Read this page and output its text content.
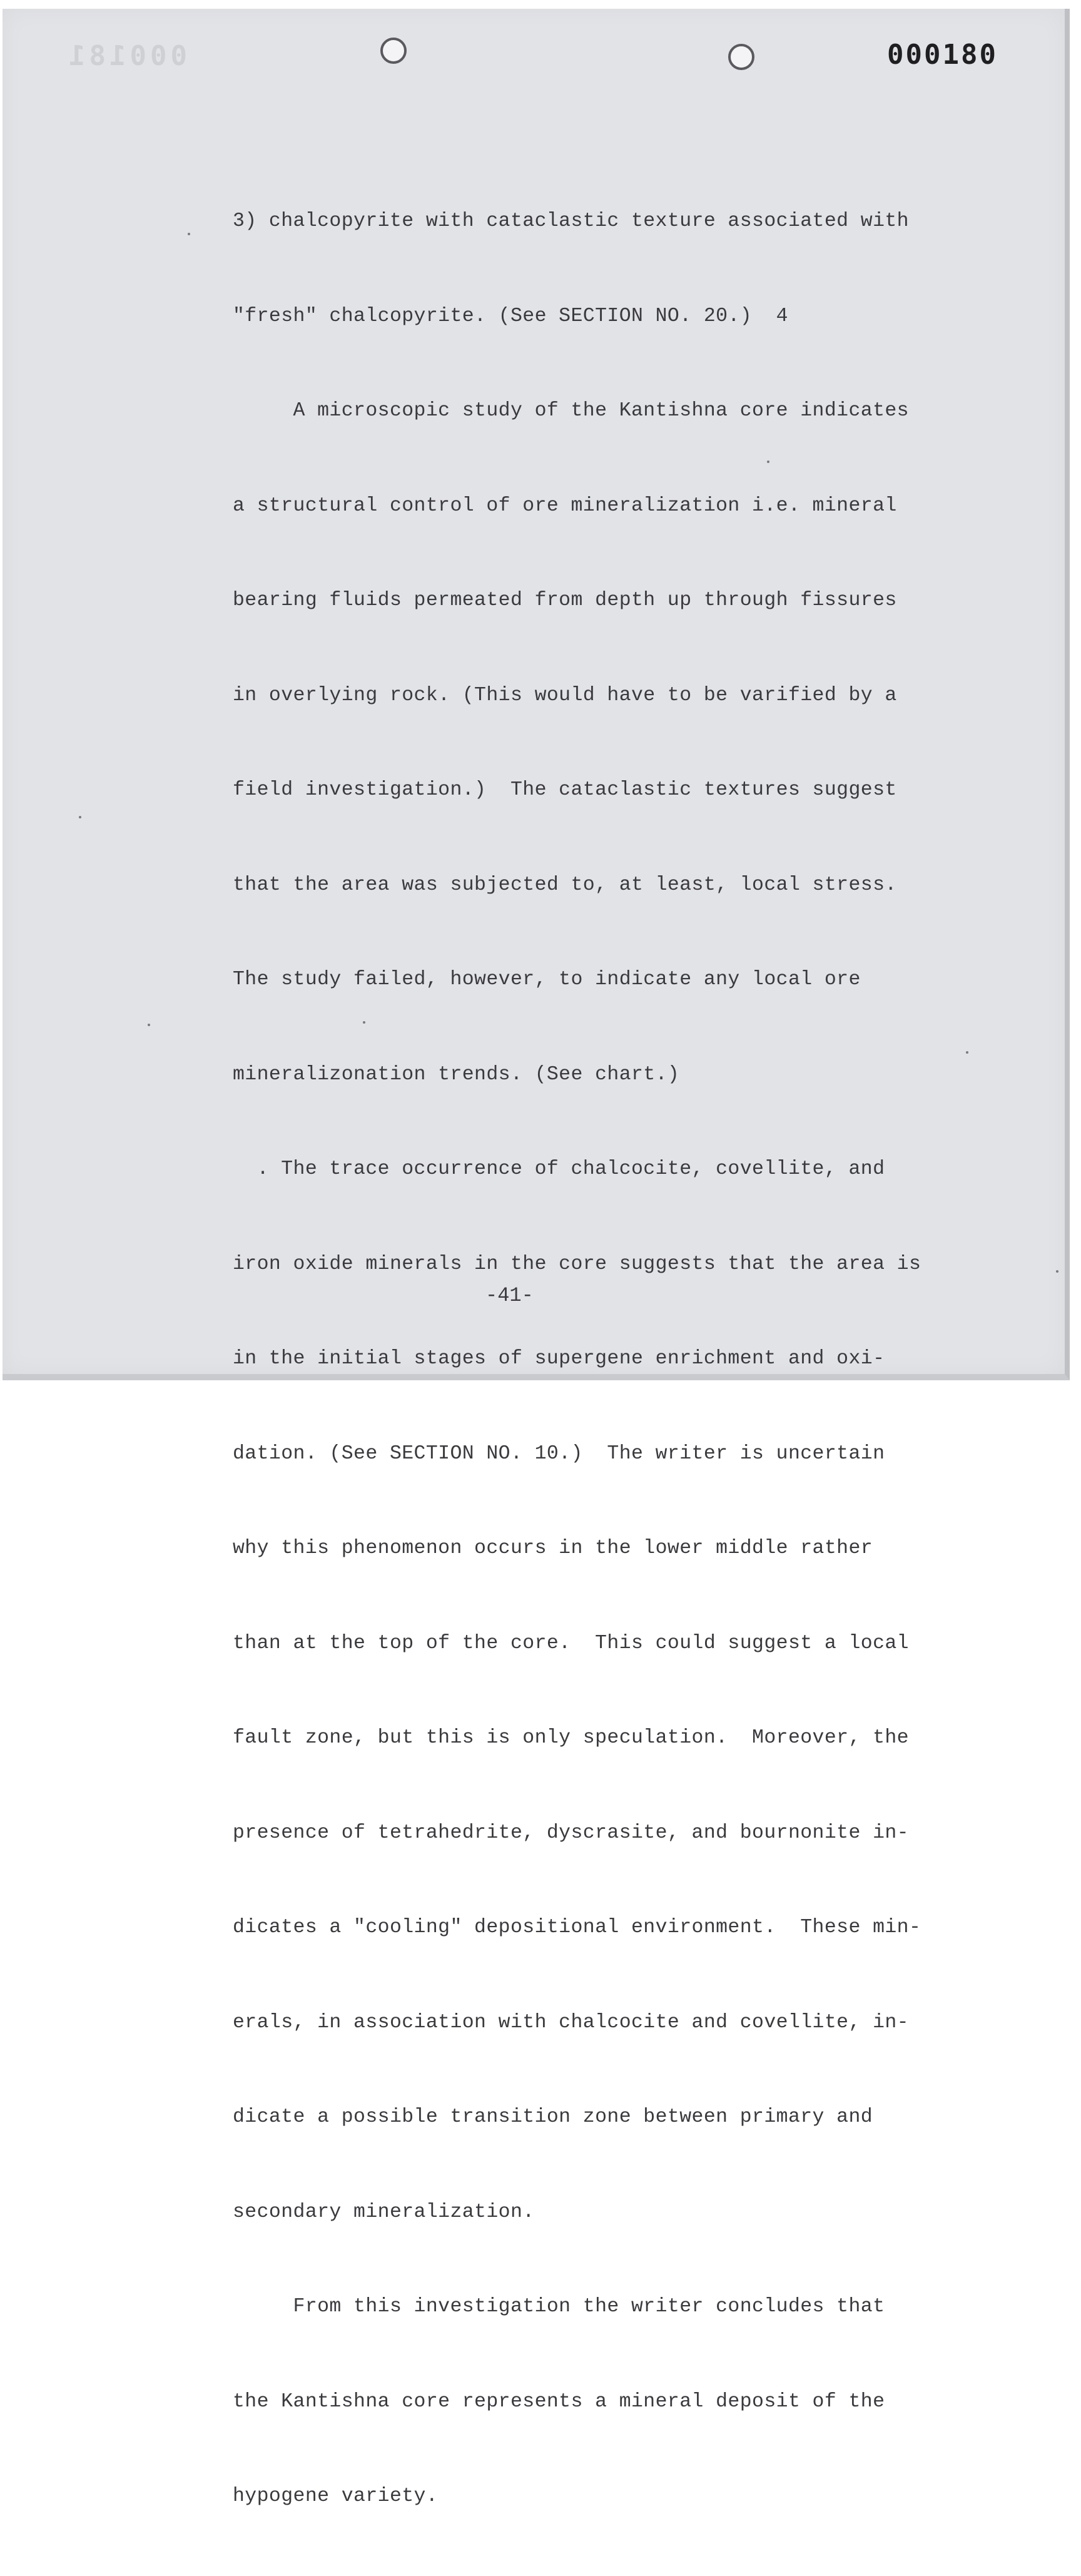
000181	000180

3) chalcopyrite with cataclastic texture associated with

"fresh" chalcopyrite. (See SECTION NO. 20.)  4

A microscopic study of the Kantishna core indicates

a structural control of ore mineralization i.e. mineral

bearing fluids permeated from depth up through fissures

in overlying rock. (This would have to be varified by a

field investigation.)  The cataclastic textures suggest

that the area was subjected to, at least, local stress.

The study failed, however, to indicate any local ore

mineralizonation trends. (See chart.)

. The trace occurrence of chalcocite, covellite, and

iron oxide minerals in the core suggests that the area is

in the initial stages of supergene enrichment and oxi-

dation. (See SECTION NO. 10.)  The writer is uncertain

why this phenomenon occurs in the lower middle rather

than at the top of the core.  This could suggest a local

fault zone, but this is only speculation.  Moreover, the

presence of tetrahedrite, dyscrasite, and bournonite in-

dicates a "cooling" depositional environment.  These min-

erals, in association with chalcocite and covellite, in-

dicate a possible transition zone between primary and

secondary mineralization.

From this investigation the writer concludes that

the Kantishna core represents a mineral deposit of the

hypogene variety.

-41-
